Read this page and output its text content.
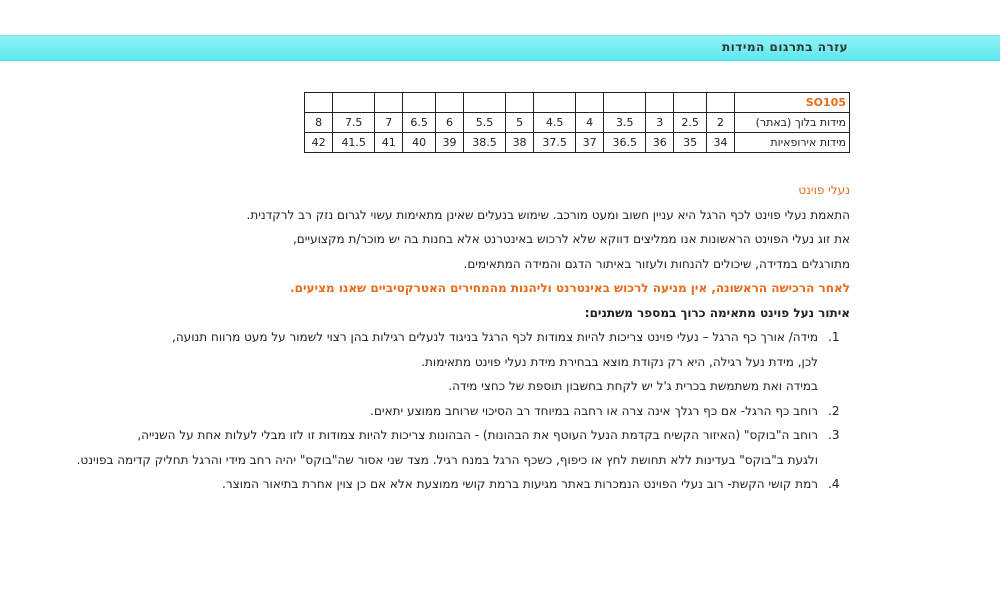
עזרה בתרגום המידות
SO105													
מידות בלוך (באתר)	2	2.5	3	3.5	4	4.5	5	5.5	6	6.5	7	7.5	8
מידות אירופאיות	34	35	36	36.5	37	37.5	38	38.5	39	40	41	41.5	42

נעלי פוינט

התאמת נעלי פוינט לכף הרגל היא עניין חשוב ומעט מורכב. שימוש בנעלים שאינן מתאימות עשוי לגרום נזק רב לרקדנית.

את זוג נעלי הפוינט הראשונות אנו ממליצים דווקא שלא לרכוש באינטרנט אלא בחנות בה יש מוכר/ת מקצועיים,

מתורגלים במדידה, שיכולים להנחות ולעזור באיתור הדגם והמידה המתאימים.

לאחר הרכישה הראשונה, אין מניעה לרכוש באינטרנט וליהנות מהמחירים האטרקטיביים שאנו מציעים.

איתור נעל פוינט מתאימה כרוך במספר משתנים:

1.
מידה/ אורך כף הרגל – נעלי פוינט צריכות להיות צמודות לכף הרגל בניגוד לנעלים רגילות בהן רצוי לשמור על מעט מרווח תנועה,
לכן, מידת נעל רגילה, היא רק נקודת מוצא בבחירת מידת נעלי פוינט מתאימות.
במידה ואת משתמשת בכרית ג'ל יש לקחת בחשבון תוספת של כחצי מידה.
2.
רוחב כף הרגל- אם כף רגלך אינה צרה או רחבה במיוחד רב הסיכוי שרוחב ממוצע יתאים.
3.
רוחב ה"בוקס" (האיזור הקשיח בקדמת הנעל העוטף את הבהונות) - הבהונות צריכות להיות צמודות זו לזו מבלי לעלות אחת על השנייה,
ולגעת ב"בוקס" בעדינות ללא תחושת לחץ או כיפוף, כשכף הרגל במנח רגיל. מצד שני אסור שה"בוקס" יהיה רחב מידי והרגל תחליק קדימה בפוינט.
4.
רמת קושי הקשת- רוב נעלי הפוינט הנמכרות באתר מגיעות ברמת קושי ממוצעת אלא אם כן צוין אחרת בתיאור המוצר.
